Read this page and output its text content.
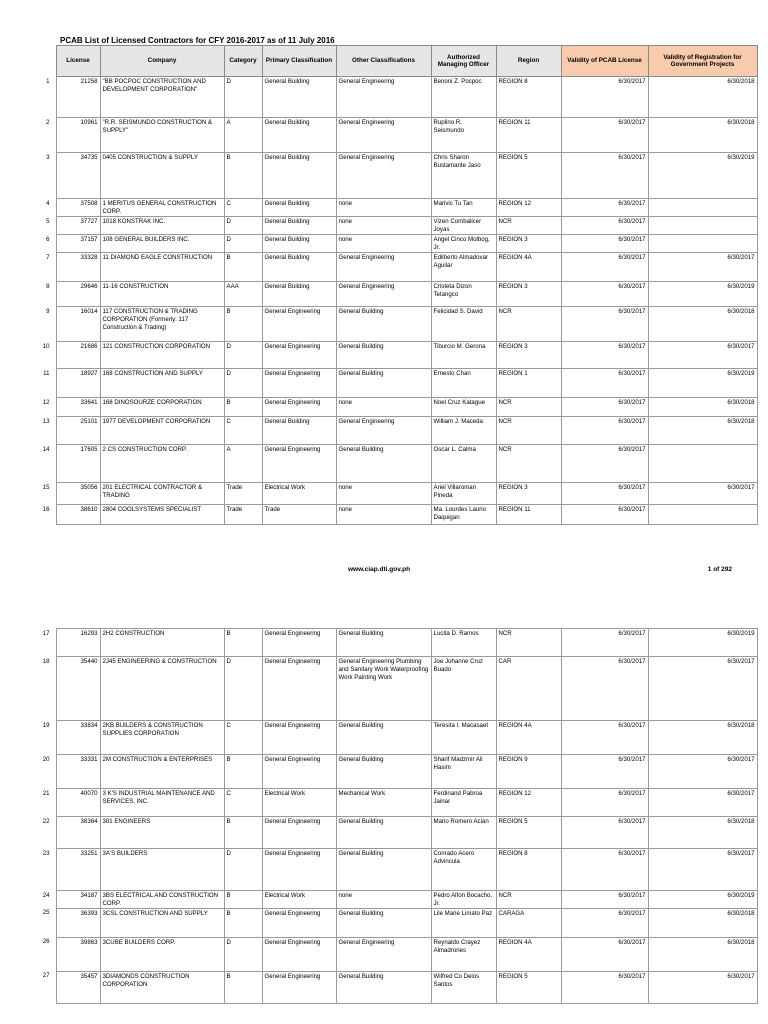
PCAB List of Licensed Contractors for CFY 2016-2017 as of 11 July 2016
	License	Company	Category	Primary Classification	Other Classifications	Authorized Managing Officer	Region	Validity of PCAB License	Validity of Registration for Government Projects
1	21258	"BB POCPOC CONSTRUCTION AND DEVELOPMENT CORPORATION"	D	General Building	General Engineering	Benoni Z. Pocpoc	REGION 8	6/30/2017	6/30/2018
2	10961	"R.R. SEISMUNDO CONSTRUCTION & SUPPLY"	A	General Building	General Engineering	Ruplino R. Seismundo	REGION 11	6/30/2017	6/30/2018
3	34735	0405 CONSTRUCTION & SUPPLY	B	General Building	General Engineering	Chris Sharon Bustamante Jaso	REGION 5	6/30/2017	6/30/2019
4	37508	1 MERITUS GENERAL CONSTRUCTION CORP.	C	General Building	none	Marivic Tu Tan	REGION 12	6/30/2017	
5	37727	1018 KONSTRAK INC.	D	General Building	none	Vizen Combalicer Joyas	NCR	6/30/2017	
6	37157	108 GENERAL BUILDERS INC.	D	General Building	none	Angel Cinco Molbog, Jr.	REGION 3	6/30/2017	
7	33328	11 DIAMOND EAGLE CONSTRUCTION	B	General Building	General Engineering	Edilberto Almadovar Aguilar	REGION 4A	6/30/2017	6/30/2017
8	29646	11-16 CONSTRUCTION	AAA	General Building	General Engineering	Cristeta Dizon Tetangco	REGION 3	6/30/2017	6/30/2019
9	16014	117 CONSTRUCTION & TRADING CORPORATION (Formerly: 117 Construction & Trading)	B	General Engineering	General Building	Felicidad S. David	NCR	6/30/2017	6/30/2018
10	21686	121 CONSTRUCTION CORPORATION	D	General Engineering	General Building	Tiburcio M. Gerona	REGION 3	6/30/2017	6/30/2017
11	18927	168 CONSTRUCTION AND SUPPLY	D	General Engineering	General Building	Ernesto Chan	REGION 1	6/30/2017	6/30/2019
12	33641	168 DINOSOURZE CORPORATION	B	General Engineering	none	Noel Cruz Katague	NCR	6/30/2017	6/30/2018
13	25101	1977 DEVELOPMENT CORPORATION	C	General Building	General Engineering	William J. Maceda	NCR	6/30/2017	6/30/2018
14	17605	2 CS CONSTRUCTION CORP.	A	General Engineering	General Building	Oscar L. Calma	NCR	6/30/2017	
15	35056	201 ELECTRICAL CONTRACTOR & TRADING	Trade	Electrical Work	none	Ariel Villaroman Pineda	REGION 3	6/30/2017	6/30/2017
16	38610	2804 COOLSYSTEMS SPECIALIST	Trade	Trade	none	Ma. Lourdes Laurio Daquigan	REGION 11	6/30/2017	
www.ciap.dti.gov.ph	1 of 292
17	16293	2H2 CONSTRUCTION	B	General Engineering	General Building	Lucita D. Ramos	NCR	6/30/2017	6/30/2019
18	35440	2J45 ENGINEERING & CONSTRUCTION	D	General Engineering	General Engineering Plumbing and Sanitary Work Waterproofing Work Painting Work	Joe Johanne Cruz Buado	CAR	6/30/2017	6/30/2017
19	33834	2KB BUILDERS & CONSTRUCTION SUPPLIES CORPORATION	C	General Engineering	General Building	Teresita I. Macasaet	REGION 4A	6/30/2017	6/30/2018
20	33331	2M CONSTRUCTION & ENTERPRISES	B	General Engineering	General Building	Sharif Madzmir Ali Hasim	REGION 9	6/30/2017	6/30/2017
21	40070	3 K'S INDUSTRIAL MAINTENANCE AND SERVICES, INC.	C	Electrical Work	Mechanical Work	Ferdinand Pabroa Jainar	REGION 12	6/30/2017	6/30/2017
22	38364	301 ENGINEERS	B	General Engineering	General Building	Mario Romero Acian	REGION 5	6/30/2017	6/30/2018
23	33251	3A'S BUILDERS	D	General Engineering	General Building	Conrado Acero Advincula	REGION 8	6/30/2017	6/30/2017
24	34187	3BS ELECTRICAL AND CONSTRUCTION CORP.	B	Electrical Work	none	Pedro Alfon Bocacho, Jr.	NCR	6/30/2017	6/30/2019
25	36393	3CSL CONSTRUCTION AND SUPPLY	B	General Engineering	General Building	Lile Marie Limato Paz	CARAGA	6/30/2017	6/30/2018
26	39863	3CUBE BUILDERS CORP.	D	General Engineering	General Engineering	Reynaldo Crayez Almadrones	REGION 4A	6/30/2017	6/30/2018
27	35457	3DIAMONDS CONSTRUCTION CORPORATION	B	General Engineering	General Building	Wilfred Co Delos Santos	REGION 5	6/30/2017	6/30/2017
